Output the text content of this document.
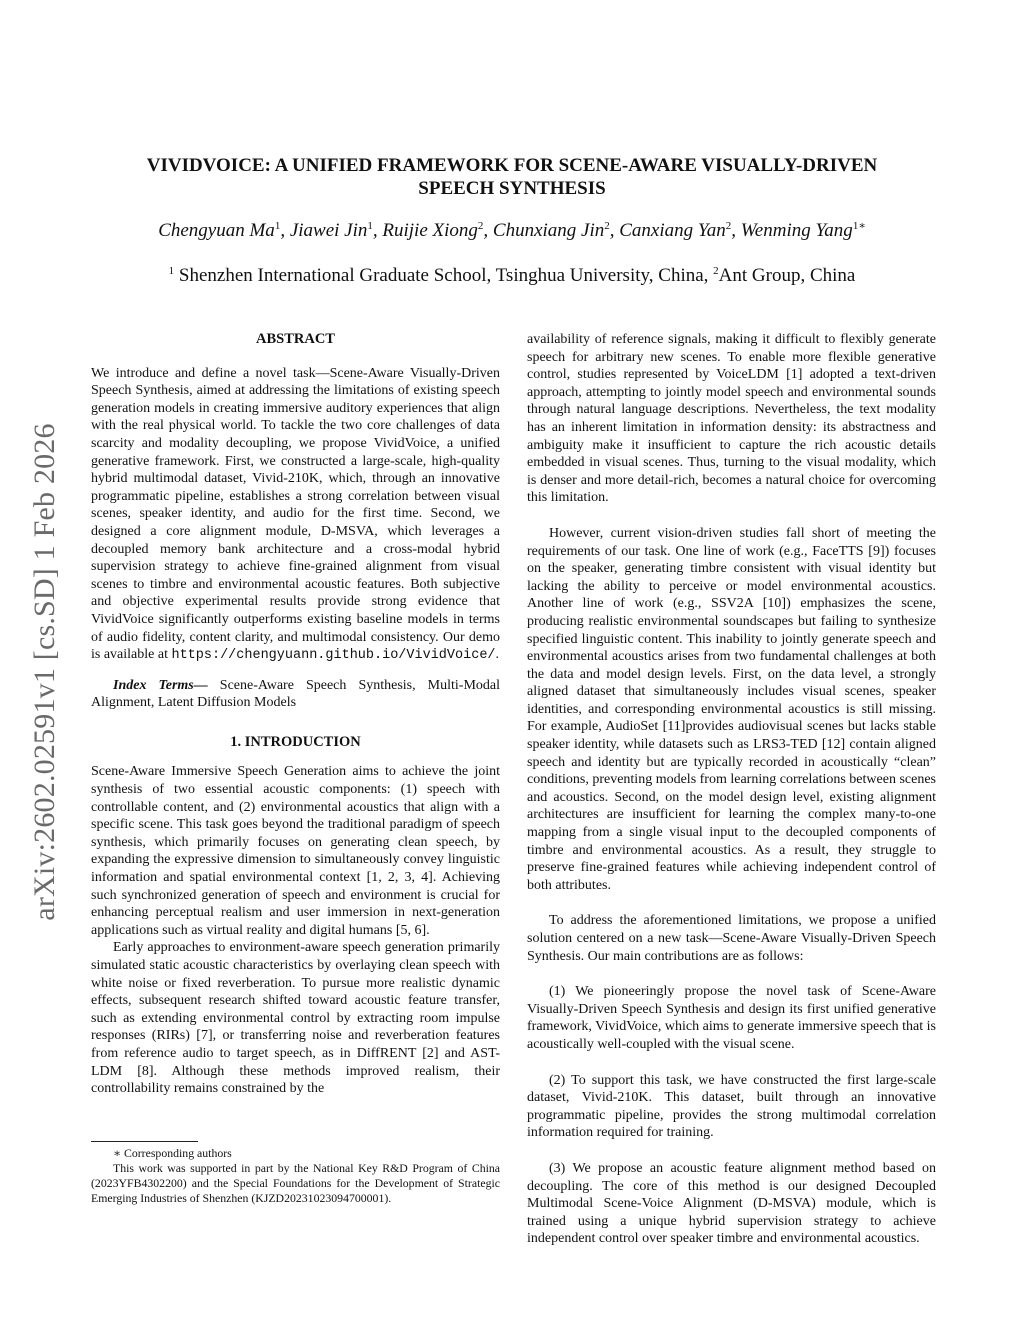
arXiv:2602.02591v1 [cs.SD] 1 Feb 2026
VIVIDVOICE: A UNIFIED FRAMEWORK FOR SCENE-AWARE VISUALLY-DRIVEN SPEECH SYNTHESIS
Chengyuan Ma$^1$, Jiawei Jin$^1$, Ruijie Xiong$^2$, Chunxiang Jin$^2$, Canxiang Yan$^2$, Wenming Yang$^{1∗}$
$^1$ Shenzhen International Graduate School, Tsinghua University, China, $^2$Ant Group, China

ABSTRACT

We introduce and define a novel task—Scene-Aware Visually-Driven Speech Synthesis, aimed at addressing the limitations of existing speech generation models in creating immersive auditory experiences that align with the real physical world. To tackle the two core challenges of data scarcity and modality decoupling, we propose VividVoice, a unified generative framework. First, we constructed a large-scale, high-quality hybrid multimodal dataset, Vivid-210K, which, through an innovative programmatic pipeline, establishes a strong correlation between visual scenes, speaker identity, and audio for the first time. Second, we designed a core alignment module, D-MSVA, which leverages a decoupled memory bank architecture and a cross-modal hybrid supervision strategy to achieve fine-grained alignment from visual scenes to timbre and environmental acoustic features. Both subjective and objective experimental results provide strong evidence that VividVoice significantly outperforms existing baseline models in terms of audio fidelity, content clarity, and multimodal consistency. Our demo is available at https://chengyuann.github.io/VividVoice/.

Index Terms— Scene-Aware Speech Synthesis, Multi-Modal Alignment, Latent Diffusion Models

1. INTRODUCTION

Scene-Aware Immersive Speech Generation aims to achieve the joint synthesis of two essential acoustic components: (1) speech with controllable content, and (2) environmental acoustics that align with a specific scene. This task goes beyond the traditional paradigm of speech synthesis, which primarily focuses on generating clean speech, by expanding the expressive dimension to simultaneously convey linguistic information and spatial environmental context [1, 2, 3, 4]. Achieving such synchronized generation of speech and environment is crucial for enhancing perceptual realism and user immersion in next-generation applications such as virtual reality and digital humans [5, 6].

Early approaches to environment-aware speech generation primarily simulated static acoustic characteristics by overlaying clean speech with white noise or fixed reverberation. To pursue more realistic dynamic effects, subsequent research shifted toward acoustic feature transfer, such as extending environmental control by extracting room impulse responses (RIRs) [7], or transferring noise and reverberation features from reference audio to target speech, as in DiffRENT [2] and AST-LDM [8]. Although these methods improved realism, their controllability remains constrained by the

∗ Corresponding authors

This work was supported in part by the National Key R&D Program of China (2023YFB4302200) and the Special Foundations for the Development of Strategic Emerging Industries of Shenzhen (KJZD20231023094700001).

availability of reference signals, making it difficult to flexibly generate speech for arbitrary new scenes. To enable more flexible generative control, studies represented by VoiceLDM [1] adopted a text-driven approach, attempting to jointly model speech and environmental sounds through natural language descriptions. Nevertheless, the text modality has an inherent limitation in information density: its abstractness and ambiguity make it insufficient to capture the rich acoustic details embedded in visual scenes. Thus, turning to the visual modality, which is denser and more detail-rich, becomes a natural choice for overcoming this limitation.

However, current vision-driven studies fall short of meeting the requirements of our task. One line of work (e.g., FaceTTS [9]) focuses on the speaker, generating timbre consistent with visual identity but lacking the ability to perceive or model environmental acoustics. Another line of work (e.g., SSV2A [10]) emphasizes the scene, producing realistic environmental soundscapes but failing to synthesize specified linguistic content. This inability to jointly generate speech and environmental acoustics arises from two fundamental challenges at both the data and model design levels. First, on the data level, a strongly aligned dataset that simultaneously includes visual scenes, speaker identities, and corresponding environmental acoustics is still missing. For example, AudioSet [11]provides audiovisual scenes but lacks stable speaker identity, while datasets such as LRS3-TED [12] contain aligned speech and identity but are typically recorded in acoustically “clean” conditions, preventing models from learning correlations between scenes and acoustics. Second, on the model design level, existing alignment architectures are insufficient for learning the complex many-to-one mapping from a single visual input to the decoupled components of timbre and environmental acoustics. As a result, they struggle to preserve fine-grained features while achieving independent control of both attributes.

To address the aforementioned limitations, we propose a unified solution centered on a new task—Scene-Aware Visually-Driven Speech Synthesis. Our main contributions are as follows:

(1) We pioneeringly propose the novel task of Scene-Aware Visually-Driven Speech Synthesis and design its first unified generative framework, VividVoice, which aims to generate immersive speech that is acoustically well-coupled with the visual scene.

(2) To support this task, we have constructed the first large-scale dataset, Vivid-210K. This dataset, built through an innovative programmatic pipeline, provides the strong multimodal correlation information required for training.

(3) We propose an acoustic feature alignment method based on decoupling. The core of this method is our designed Decoupled Multimodal Scene-Voice Alignment (D-MSVA) module, which is trained using a unique hybrid supervision strategy to achieve independent control over speaker timbre and environmental acoustics.
